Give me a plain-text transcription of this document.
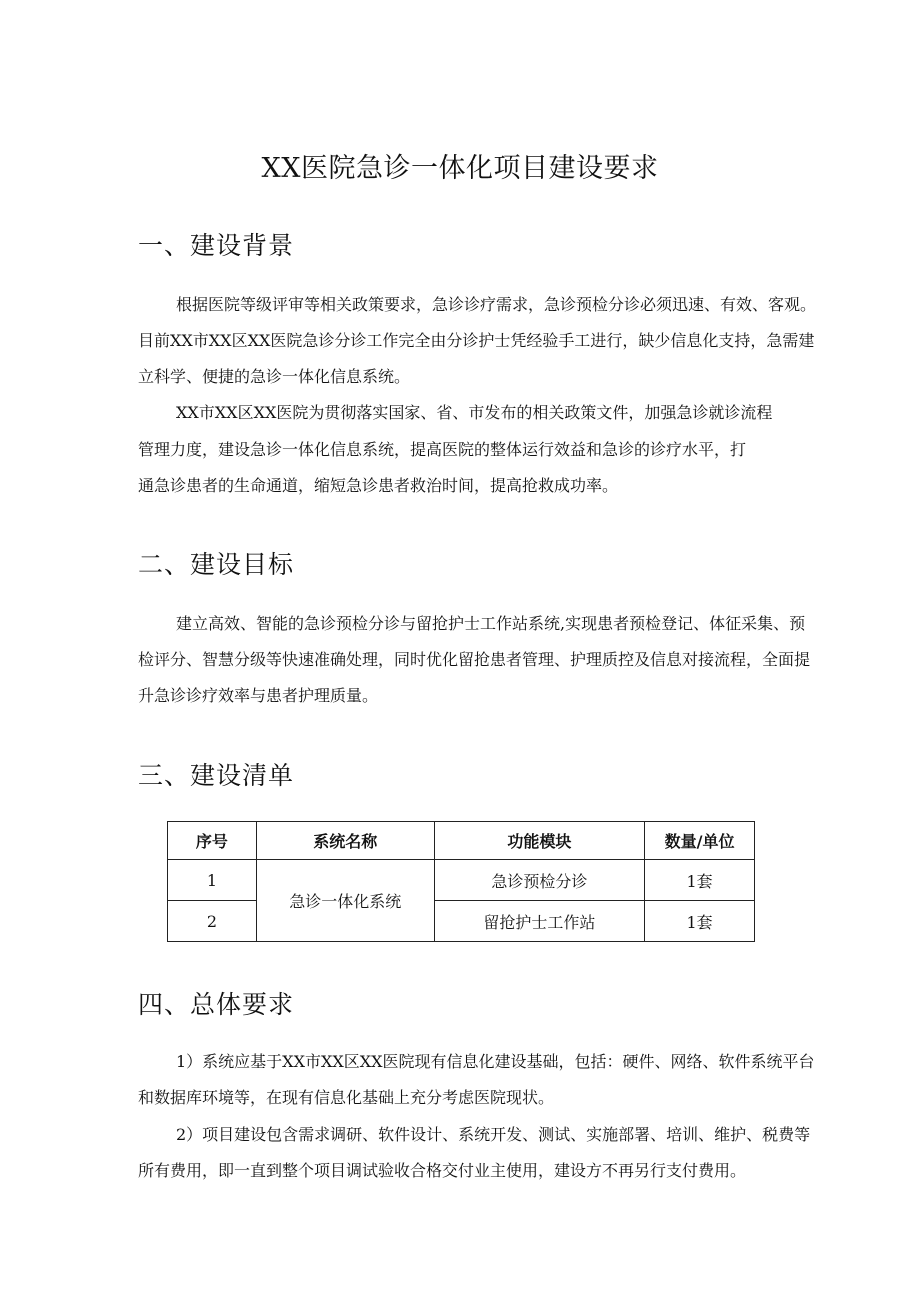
XX医院急诊一体化项目建设要求
一、建设背景
根据医院等级评审等相关政策要求，急诊诊疗需求，急诊预检分诊必须迅速、有效、客观。
目前XX市XX区XX医院急诊分诊工作完全由分诊护士凭经验手工进行，缺少信息化支持，急需建
立科学、便捷的急诊一体化信息系统。
XX市XX区XX医院为贯彻落实国家、省、市发布的相关政策文件，加强急诊就诊流程
管理力度，建设急诊一体化信息系统，提高医院的整体运行效益和急诊的诊疗水平，打
通急诊患者的生命通道，缩短急诊患者救治时间，提高抢救成功率。
二、建设目标
建立高效、智能的急诊预检分诊与留抢护士工作站系统,实现患者预检登记、体征采集、预
检评分、智慧分级等快速准确处理，同时优化留抢患者管理、护理质控及信息对接流程，全面提
升急诊诊疗效率与患者护理质量。
三、建设清单
序号	系统名称	功能模块	数量/单位
1	急诊一体化系统	急诊预检分诊	1套
2		留抢护士工作站	1套
四、总体要求
1）系统应基于XX市XX区XX医院现有信息化建设基础，包括：硬件、网络、软件系统平台
和数据库环境等，在现有信息化基础上充分考虑医院现状。
2）项目建设包含需求调研、软件设计、系统开发、测试、实施部署、培训、维护、税费等
所有费用，即一直到整个项目调试验收合格交付业主使用，建设方不再另行支付费用。
